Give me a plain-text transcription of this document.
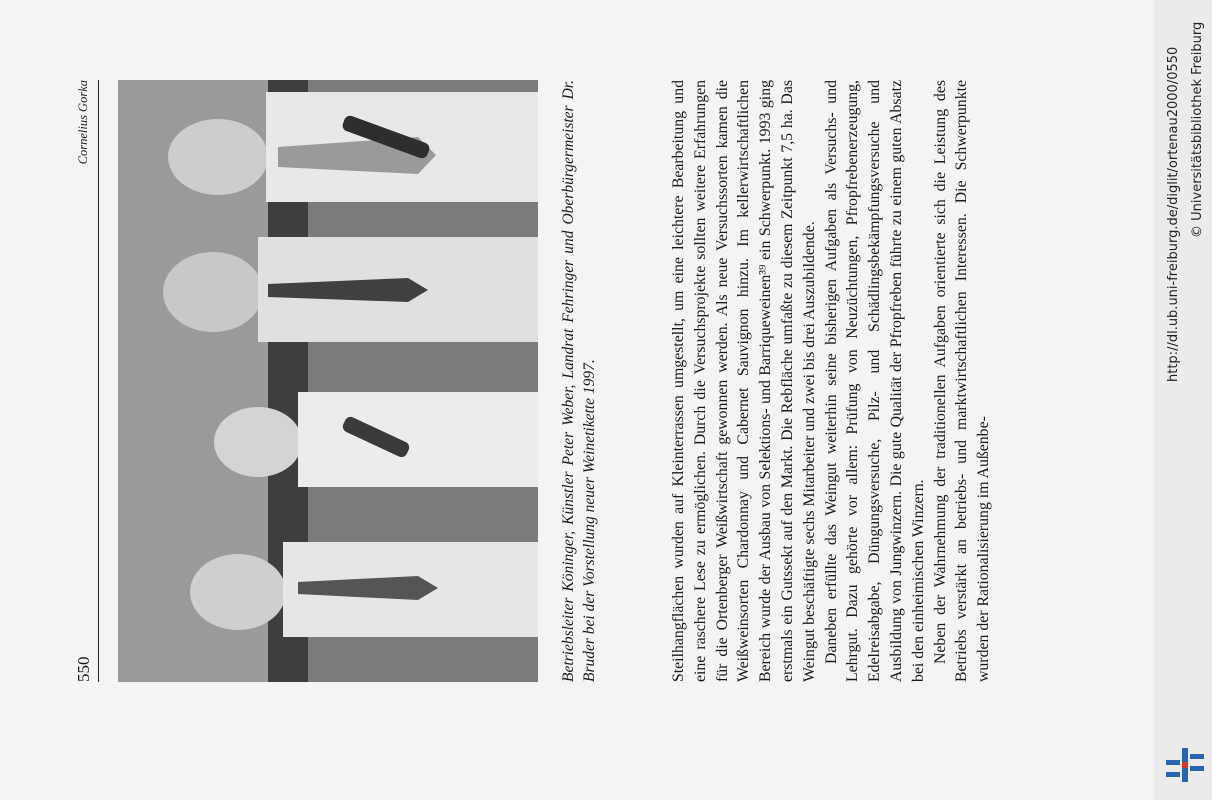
550
Cornelius Gorka	Betriebsleiter Köninger, Künstler Peter Weber, Landrat Fehringer und Oberbürgermeister Dr. Bruder bei der Vorstellung neuer Weinetikette 1997.	Steilhangflächen wurden auf Kleinterrassen umgestellt, um eine leichtere Bearbeitung und eine raschere Lese zu ermöglichen. Durch die Versuchsprojekte sollten weitere Erfahrungen für die Ortenberger Weißwirtschaft gewonnen werden. Als neue Versuchssorten kamen die Weißweinsorten Chardonnay und Cabernet Sauvignon hinzu. Im kellerwirtschaftlichen Bereich wurde der Ausbau von Selektions- und Barriqueweinen³⁹ ein Schwerpunkt. 1993 ging erstmals ein Gutssekt auf den Markt. Die Rebfläche umfaßte zu diesem Zeitpunkt 7,5 ha. Das Weingut beschäftigte sechs Mitarbeiter und zwei bis drei Auszubildende. Daneben erfüllte das Weingut weiterhin seine bisherigen Aufgaben als Versuchs- und Lehrgut. Dazu gehörte vor allem: Prüfung von Neuzüchtungen, Pfropfrebenerzeugung, Edelreisabgabe, Düngungsversuche, Pilz- und Schädlingsbekämpfungsversuche und Ausbildung von Jungwinzern. Die gute Qualität der Pfropfreben führte zu einem guten Absatz bei den einheimischen Winzern. Neben der Wahrnehmung der traditionellen Aufgaben orientierte sich die Leistung des Betriebs verstärkt an betriebs- und marktwirtschaftlichen Interessen. Die Schwerpunkte wurden der Rationalisierung im Außenbe-

http://dl.ub.uni-freiburg.de/diglit/ortenau2000/0550 © Universitätsbibliothek Freiburg
